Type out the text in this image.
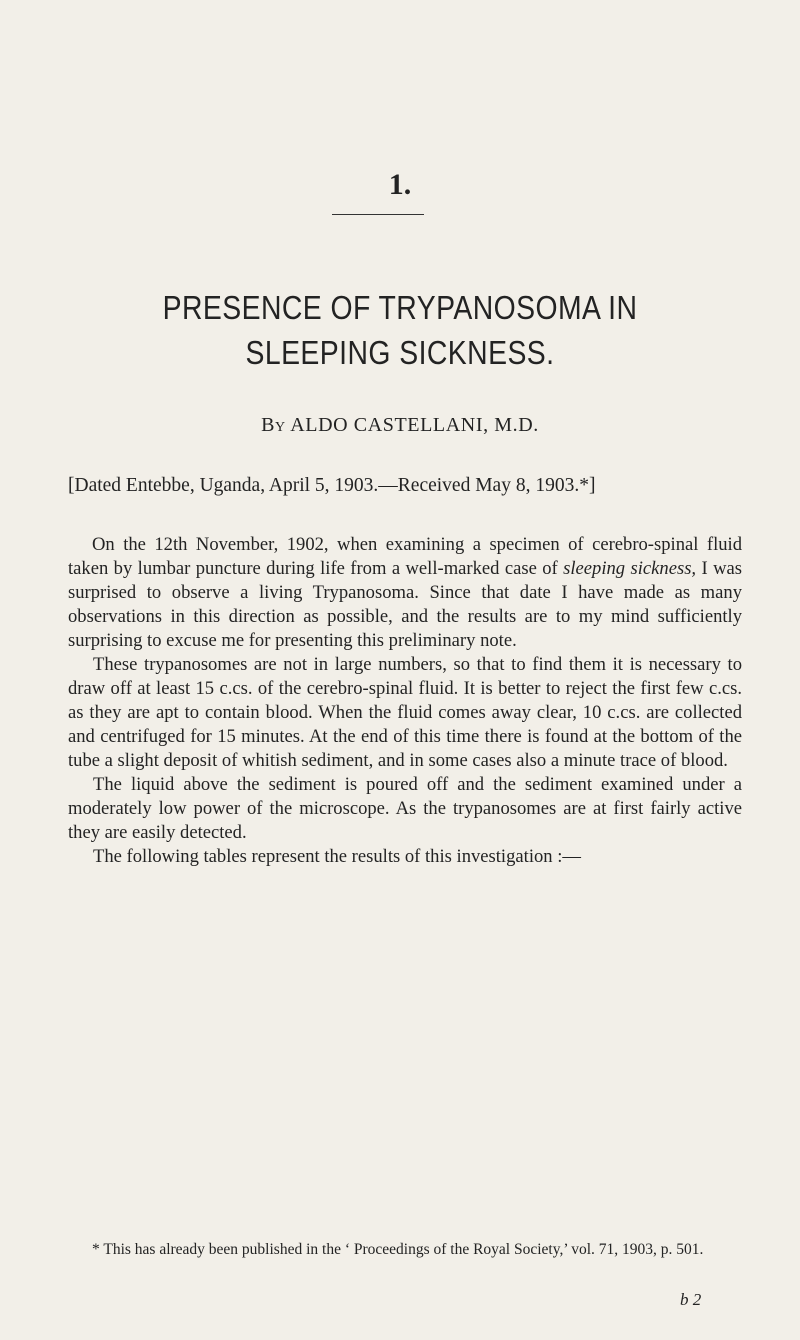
1.
PRESENCE OF TRYPANOSOMA IN SLEEPING SICKNESS.
By ALDO CASTELLANI, M.D.
[Dated Entebbe, Uganda, April 5, 1903.—Received May 8, 1903.*]

On the 12th November, 1902, when examining a specimen of cerebro-spinal fluid taken by lumbar puncture during life from a well-marked case of sleeping sickness, I was surprised to observe a living Trypanosoma. Since that date I have made as many observations in this direction as possible, and the results are to my mind sufficiently surprising to excuse me for presenting this preliminary note.

These trypanosomes are not in large numbers, so that to find them it is necessary to draw off at least 15 c.cs. of the cerebro-spinal fluid. It is better to reject the first few c.cs. as they are apt to contain blood. When the fluid comes away clear, 10 c.cs. are collected and centrifuged for 15 minutes. At the end of this time there is found at the bottom of the tube a slight deposit of whitish sediment, and in some cases also a minute trace of blood.

The liquid above the sediment is poured off and the sediment examined under a moderately low power of the microscope. As the trypanosomes are at first fairly active they are easily detected.

The following tables represent the results of this investigation :—

* This has already been published in the ‘ Proceedings of the Royal Society,’ vol. 71, 1903, p. 501.
b 2
